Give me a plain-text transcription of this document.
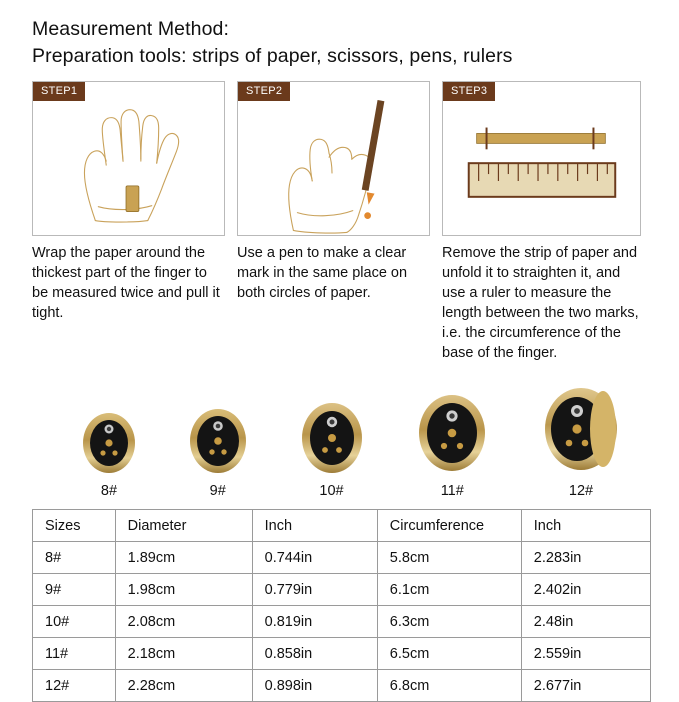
Measurement Method:
Preparation tools: strips of paper, scissors, pens, rulers
STEP1
Wrap the paper around the thickest part of the finger to be measured twice and pull it tight.
STEP2
Use a pen to make a clear mark in the same place on both circles of paper.
STEP3
Remove the strip of paper and unfold it to straighten it, and use a ruler to measure the length between the two marks, i.e. the circumference of the base of the finger.
8#	9#	10#	11#	12#
Sizes	Diameter	Inch	Circumference	Inch
8#	1.89cm	0.744in	5.8cm	2.283in
9#	1.98cm	0.779in	6.1cm	2.402in
10#	2.08cm	0.819in	6.3cm	2.48in
11#	2.18cm	0.858in	6.5cm	2.559in
12#	2.28cm	0.898in	6.8cm	2.677in
